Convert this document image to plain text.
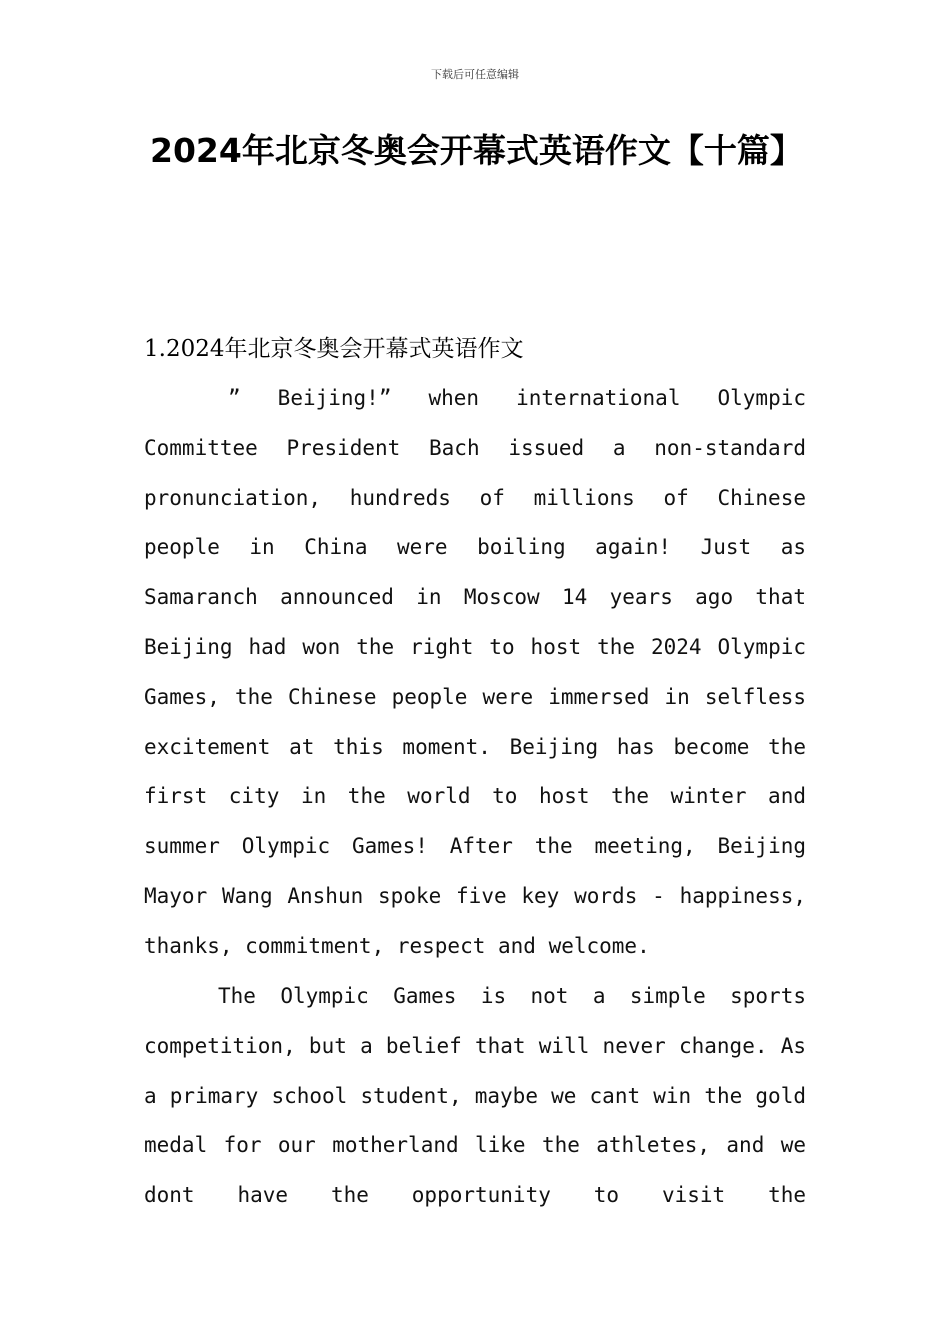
下载后可任意编辑
2024年北京冬奥会开幕式英语作文【十篇】
1.2024年北京冬奥会开幕式英语作文

” Beijing!” when international Olympic Committee President Bach issued a non-standard pronunciation, hundreds of millions of Chinese people in China were boiling again! Just as Samaranch announced in Moscow 14 years ago that Beijing had won the right to host the 2024 Olympic Games, the Chinese people were immersed in selfless excitement at this moment. Beijing has become the first city in the world to host the winter and summer Olympic Games! After the meeting, Beijing Mayor Wang Anshun spoke five key words - happiness, thanks, commitment, respect and welcome.

The Olympic Games is not a simple sports competition, but a belief that will never change. As a primary school student, maybe we cant win the gold medal for our motherland like the athletes, and we dont have the opportunity to visit the
